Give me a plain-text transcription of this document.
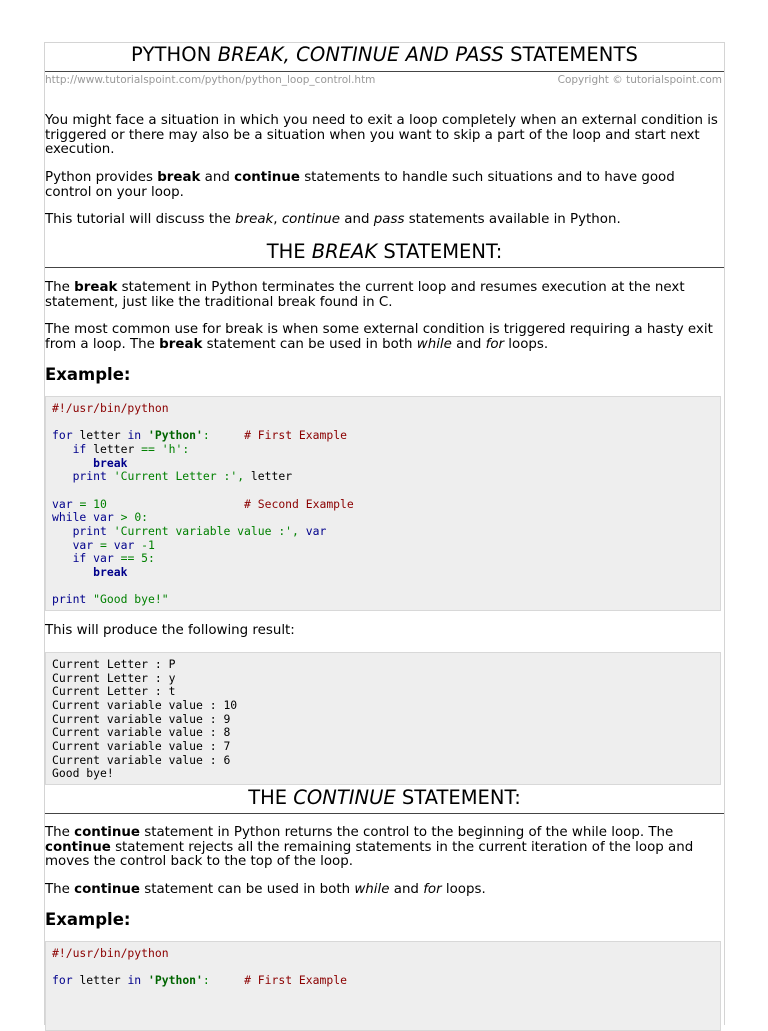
PYTHON BREAK, CONTINUE AND PASS STATEMENTS
http://www.tutorialspoint.com/python/python_loop_control.htm	Copyright © tutorialspoint.com
You might face a situation in which you need to exit a loop completely when an external condition is triggered or there may also be a situation when you want to skip a part of the loop and start next execution.
Python provides break and continue statements to handle such situations and to have good control on your loop.
This tutorial will discuss the break, continue and pass statements available in Python.
THE BREAK STATEMENT:
The break statement in Python terminates the current loop and resumes execution at the next statement, just like the traditional break found in C.
The most common use for break is when some external condition is triggered requiring a hasty exit from a loop. The break statement can be used in both while and for loops.
Example:
#!/usr/bin/python

for letter in 'Python':	# First Example
if letter == 'h':
break
print 'Current Letter :', letter

var = 10	# Second Example
while var > 0:
print 'Current variable value :', var
var = var -1
if var == 5:
break

print "Good bye!"
This will produce the following result:
Current Letter : P
Current Letter : y
Current Letter : t
Current variable value : 10
Current variable value : 9
Current variable value : 8
Current variable value : 7
Current variable value : 6
Good bye!
THE CONTINUE STATEMENT:
The continue statement in Python returns the control to the beginning of the while loop. The continue statement rejects all the remaining statements in the current iteration of the loop and moves the control back to the top of the loop.
The continue statement can be used in both while and for loops.
Example:
#!/usr/bin/python

for letter in 'Python':	# First Example
